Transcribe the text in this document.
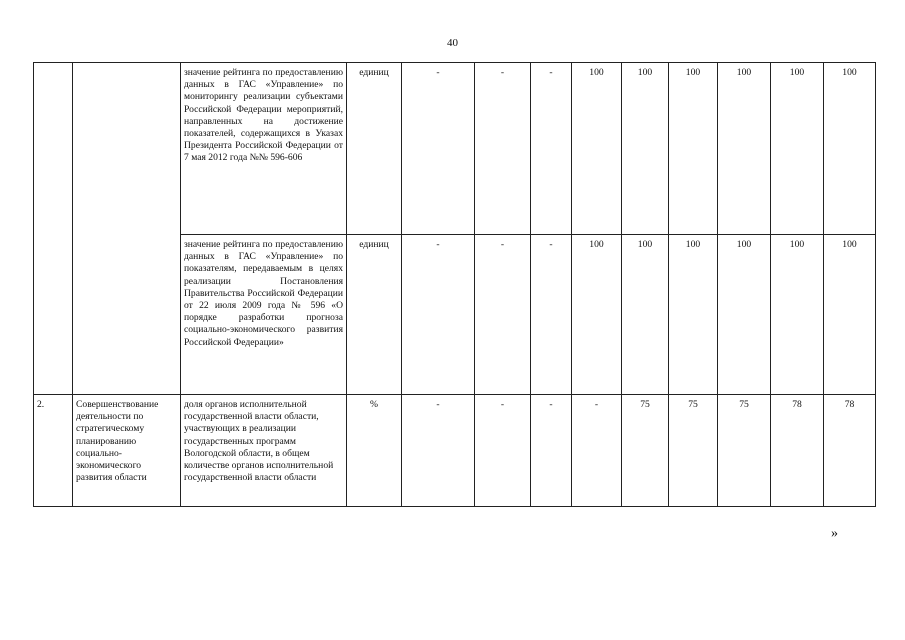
40
		значение рейтинга по предоставлению данных в ГАС «Управление» по мониторингу реализации субъектами Российской Федерации мероприятий, направленных на достижение показателей, содержащихся в Указах Президента Российской Федерации от 7 мая 2012 года №№ 596-606	единиц	-	-	-	100	100	100	100	100	100
		значение рейтинга по предоставлению данных в ГАС «Управление» по показателям, передаваемым в целях реализации Постановления Правительства Российской Федерации от 22 июля 2009 года № 596 «О порядке разработки прогноза социально-экономического развития Российской Федерации»	единиц	-	-	-	100	100	100	100	100	100
2.	Совершенствование деятельности по стратегическому планированию социально-экономического развития области	доля органов исполнительной государственной власти области, участвующих в реализации государственных программ Вологодской области, в общем количестве органов исполнительной государственной власти области	%	-	-	-	-	75	75	75	78	78
»
